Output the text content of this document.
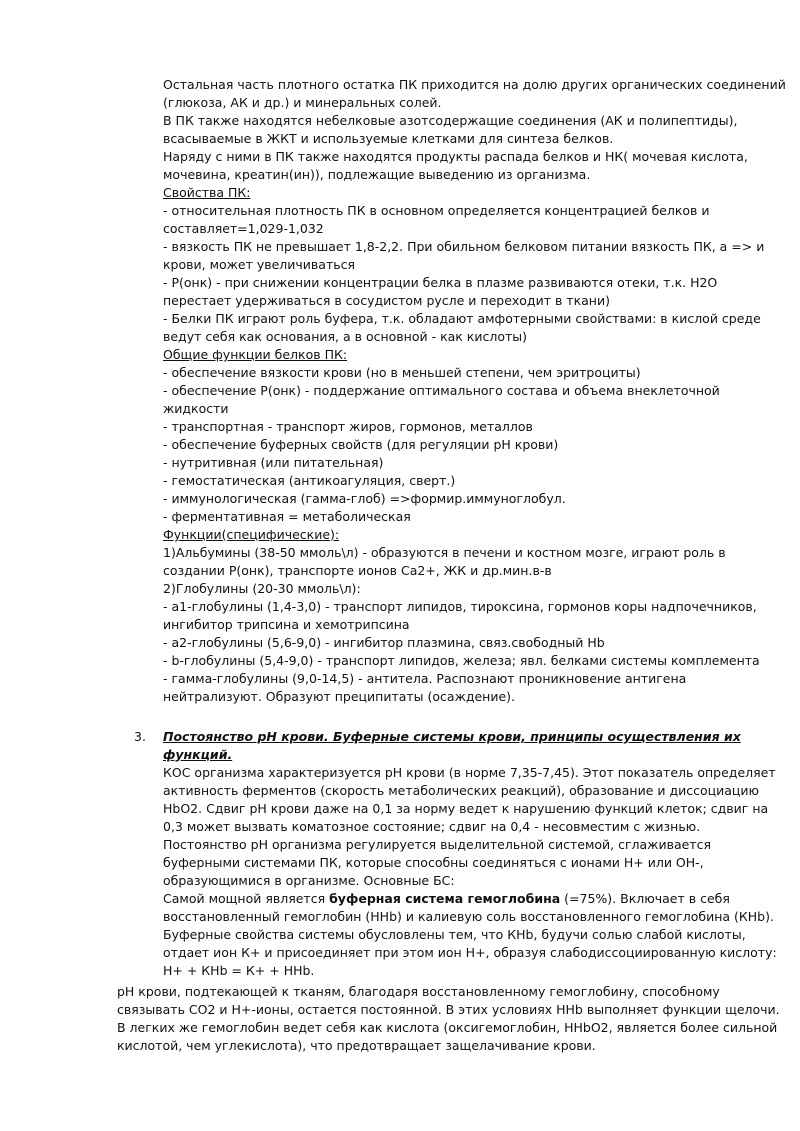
Остальная часть плотного остатка ПК приходится на долю других органических соединений
(глюкоза, АК и др.) и минеральных солей.
В ПК также находятся небелковые азотсодержащие соединения (АК и полипептиды),
всасываемые в ЖКТ и используемые клетками для синтеза белков.
Наряду с ними в ПК также находятся продукты распада белков и НК( мочевая кислота,
мочевина, креатин(ин)), подлежащие выведению из организма.
Свойства ПК:
- относительная плотность ПК в основном определяется концентрацией белков и
составляет=1,029-1,032
- вязкость ПК не превышает 1,8-2,2. При обильном белковом питании вязкость ПК, а => и
крови, может увеличиваться
- Р(онк) - при снижении концентрации белка в плазме развиваются отеки, т.к. H2O
перестает удерживаться в сосудистом русле и переходит в ткани)
- Белки ПК играют роль буфера, т.к. обладают амфотерными свойствами: в кислой среде
ведут себя как основания, а в основной - как кислоты)
Общие функции белков ПК:
- обеспечение вязкости крови (но в меньшей степени, чем эритроциты)
- обеспечение Р(онк) - поддержание оптимального состава и объема внеклеточной
жидкости
- транспортная - транспорт жиров, гормонов, металлов
- обеспечение буферных свойств (для регуляции pH крови)
- нутритивная (или питательная)
- гемостатическая (антикоагуляция, сверт.)
- иммунологическая (гамма-глоб) =>формир.иммуноглобул.
- ферментативная = метаболическая
Функции(специфические):
1)Альбумины (38-50 ммоль\л) - образуются в печени и костном мозге, играют роль в
создании Р(онк), транспорте ионов Са2+, ЖК и др.мин.в-в
2)Глобулины (20-30 ммоль\л):
- а1-глобулины (1,4-3,0) - транспорт липидов, тироксина, гормонов коры надпочечников,
ингибитор трипсина и хемотрипсина
- а2-глобулины (5,6-9,0) - ингибитор плазмина, связ.свободный Hb
- b-глобулины (5,4-9,0) - транспорт липидов, железа; явл. белками системы комплемента
- гамма-глобулины (9,0-14,5) - антитела. Распознают проникновение антигена
нейтрализуют. Образуют преципитаты (осаждение).
3. Постоянство pH крови. Буферные системы крови, принципы осуществления их
функций.
КОС организма характеризуется pH крови (в норме 7,35-7,45). Этот показатель определяет
активность ферментов (скорость метаболических реакций), образование и диссоциацию
HbO2. Сдвиг pH крови даже на 0,1 за норму ведет к нарушению функций клеток; сдвиг на
0,3 может вызвать коматозное состояние; сдвиг на 0,4 - несовместим с жизнью.
Постоянство pH организма регулируется выделительной системой, сглаживается
буферными системами ПК, которые способны соединяться с ионами Н+ или ОН-,
образующимися в организме. Основные БС:
Самой мощной является буферная система гемоглобина (=75%). Включает в себя
восстановленный гемоглобин (ННb) и калиевую соль восстановленного гемоглобина (КНb).
Буферные свойства системы обусловлены тем, что КНb, будучи солью слабой кислоты,
отдает ион К+ и присоединяет при этом ион Н+, образуя слабодиссоциированную кислоту:
Н+ + КНb = К+ + ННb.
pH крови, подтекающей к тканям, благодаря восстановленному гемоглобину, способному
связывать СО2 и Н+-ионы, остается постоянной. В этих условиях ННb выполняет функции щелочи.
В легких же гемоглобин ведет себя как кислота (оксигемоглобин, ННbО2, является более сильной
кислотой, чем углекислота), что предотвращает защелачивание крови.
